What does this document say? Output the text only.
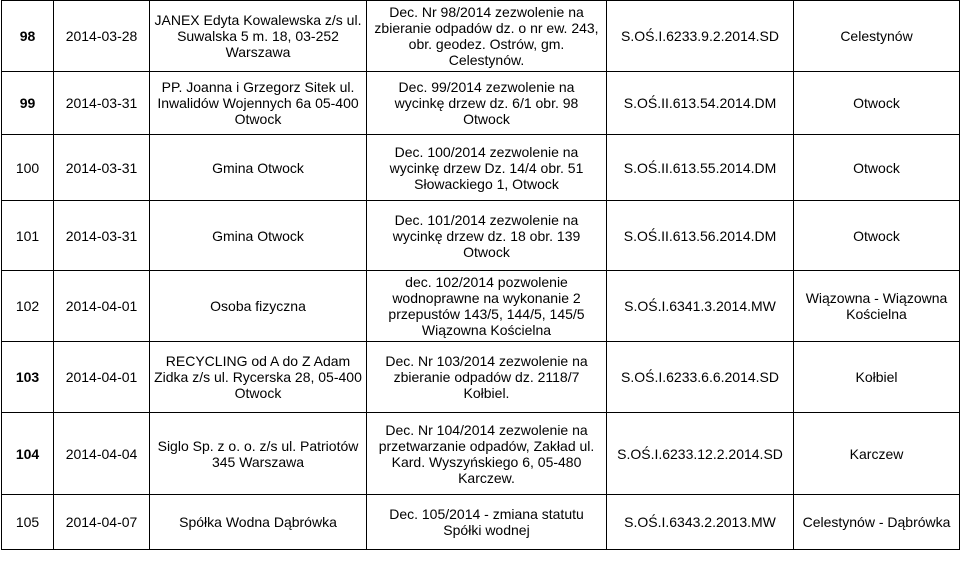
98	2014-03-28	JANEX Edyta Kowalewska z/s ul.
Suwalska 5 m. 18, 03-252
Warszawa	Dec. Nr 98/2014 zezwolenie na
zbieranie odpadów dz. o nr ew. 243,
obr. geodez. Ostrów, gm.
Celestynów.	S.OŚ.I.6233.9.2.2014.SD	Celestynów

99	2014-03-31	PP. Joanna i Grzegorz Sitek ul.
Inwalidów Wojennych 6a 05-400
Otwock	Dec. 99/2014 zezwolenie na
wycinkę drzew dz. 6/1 obr. 98
Otwock	S.OŚ.II.613.54.2014.DM	Otwock

100	2014-03-31	Gmina Otwock	Dec. 100/2014 zezwolenie na
wycinkę drzew Dz. 14/4 obr. 51
Słowackiego 1, Otwock	S.OŚ.II.613.55.2014.DM	Otwock

101	2014-03-31	Gmina Otwock	Dec. 101/2014 zezwolenie na
wycinkę drzew dz. 18 obr. 139
Otwock	S.OŚ.II.613.56.2014.DM	Otwock

102	2014-04-01	Osoba fizyczna	dec. 102/2014 pozwolenie
wodnoprawne na wykonanie 2
przepustów 143/5, 144/5, 145/5
Wiązowna Kościelna	S.OŚ.I.6341.3.2014.MW	Wiązowna - Wiązowna
Kościelna

103	2014-04-01	RECYCLING od A do Z Adam
Zidka z/s ul. Rycerska 28, 05-400
Otwock	Dec. Nr 103/2014 zezwolenie na
zbieranie odpadów dz. 2118/7
Kołbiel.	S.OŚ.I.6233.6.6.2014.SD	Kołbiel

104	2014-04-04	Siglo Sp. z o. o. z/s ul. Patriotów
345 Warszawa	Dec. Nr 104/2014 zezwolenie na
przetwarzanie odpadów, Zakład ul.
Kard. Wyszyńskiego 6, 05-480
Karczew.	S.OŚ.I.6233.12.2.2014.SD	Karczew

105	2014-04-07	Spółka Wodna Dąbrówka	Dec. 105/2014 - zmiana statutu
Spółki wodnej	S.OŚ.I.6343.2.2013.MW	Celestynów - Dąbrówka
